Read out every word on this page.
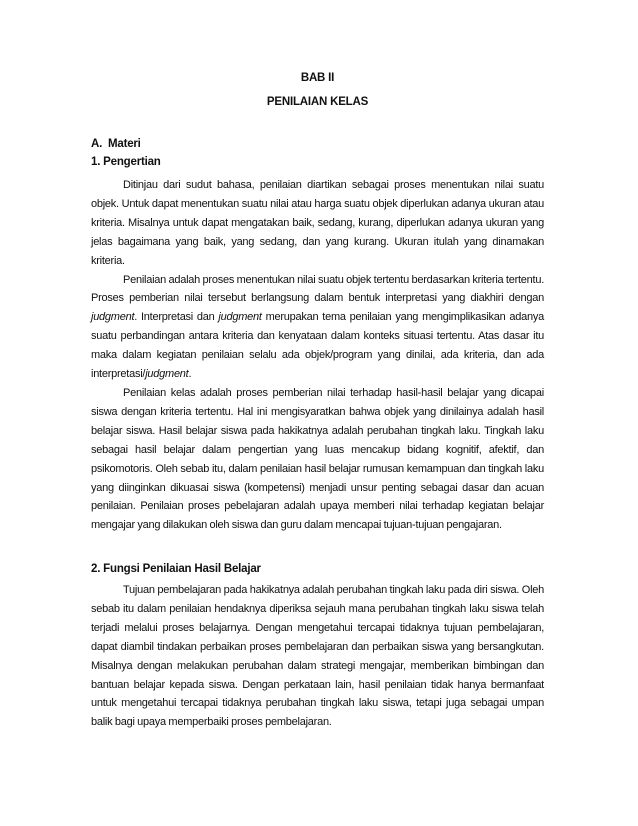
BAB II
PENILAIAN KELAS
A. Materi
1. Pengertian

Ditinjau dari sudut bahasa, penilaian diartikan sebagai proses menentukan nilai suatu objek. Untuk dapat menentukan suatu nilai atau harga suatu objek diperlukan adanya ukuran atau kriteria. Misalnya untuk dapat mengatakan baik, sedang, kurang, diperlukan adanya ukuran yang jelas bagaimana yang baik, yang sedang, dan yang kurang. Ukuran itulah yang dinamakan kriteria.

Penilaian adalah proses menentukan nilai suatu objek tertentu berdasarkan kriteria tertentu. Proses pemberian nilai tersebut berlangsung dalam bentuk interpretasi yang diakhiri dengan judgment. Interpretasi dan judgment merupakan tema penilaian yang mengimplikasikan adanya suatu perbandingan antara kriteria dan kenyataan dalam konteks situasi tertentu. Atas dasar itu maka dalam kegiatan penilaian selalu ada objek/program yang dinilai, ada kriteria, dan ada interpretasi/judgment.

Penilaian kelas adalah proses pemberian nilai terhadap hasil-hasil belajar yang dicapai siswa dengan kriteria tertentu. Hal ini mengisyaratkan bahwa objek yang dinilainya adalah hasil belajar siswa. Hasil belajar siswa pada hakikatnya adalah perubahan tingkah laku. Tingkah laku sebagai hasil belajar dalam pengertian yang luas mencakup bidang kognitif, afektif, dan psikomotoris. Oleh sebab itu, dalam penilaian hasil belajar rumusan kemampuan dan tingkah laku yang diinginkan dikuasai siswa (kompetensi) menjadi unsur penting sebagai dasar dan acuan penilaian. Penilaian proses pebelajaran adalah upaya memberi nilai terhadap kegiatan belajar mengajar yang dilakukan oleh siswa dan guru dalam mencapai tujuan-tujuan pengajaran.

2. Fungsi Penilaian Hasil Belajar

Tujuan pembelajaran pada hakikatnya adalah perubahan tingkah laku pada diri siswa. Oleh sebab itu dalam penilaian hendaknya diperiksa sejauh mana perubahan tingkah laku siswa telah terjadi melalui proses belajarnya. Dengan mengetahui tercapai tidaknya tujuan pembelajaran, dapat diambil tindakan perbaikan proses pembelajaran dan perbaikan siswa yang bersangkutan. Misalnya dengan melakukan perubahan dalam strategi mengajar, memberikan bimbingan dan bantuan belajar kepada siswa. Dengan perkataan lain, hasil penilaian tidak hanya bermanfaat untuk mengetahui tercapai tidaknya perubahan tingkah laku siswa, tetapi juga sebagai umpan balik bagi upaya memperbaiki proses pembelajaran.
